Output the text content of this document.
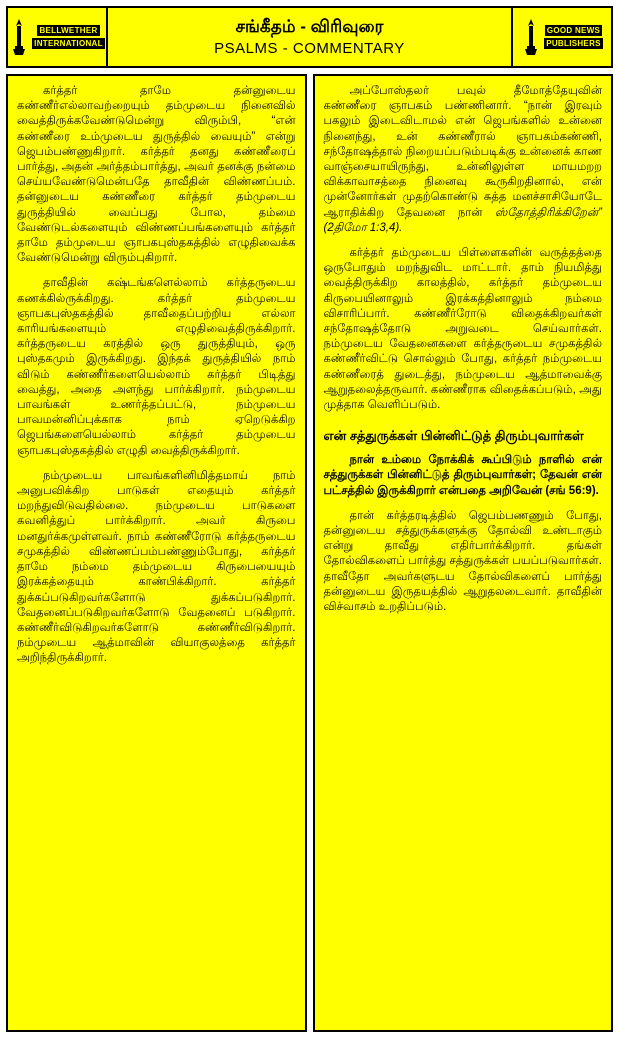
BELLWETHER
INTERNATIONAL
சங்கீதம் - விரிவுரை
PSALMS - COMMENTARY
GOOD NEWS
PUBLISHERS

கர்த்தர் தாமே தன்னுடைய கண்ணீர்எல்லாவற்றையும் தம்முடைய நினைவில் வைத்திருக்கவேண்டுமென்று விரும்பி, “என் கண்ணீரை உம்முடைய துருத்தில் வையும்” என்று ஜெபம்பண்ணுகிறார். கர்த்தர் தனது கண்ணீரைப் பார்த்து, அதன் அர்த்தம்பார்த்து, அவர் தனக்கு நன்மை செய்யவேண்டுமென்பதே தாவீதின் விண்ணப்பம். தன்னுடைய கண்ணீரை கர்த்தர் தம்முடைய துருத்தியில் வைப்பது போல, தம்மை வேண்டுடல்களையும் விண்ணப்பங்களையும் கர்த்தர் தாமே தம்முடைய ஞாபகபுஸ்தகத்தில் எழுதிவைக்க வேண்டுமென்று விரும்புகிறார்.

தாவீதின் கஷ்டங்களெல்லாம் கர்த்தருடைய கணக்கில்ருக்கிறது. கர்த்தர் தம்முடைய ஞாபகபுஸ்தகத்தில் தாவீதைப்பற்றிய எல்லா காரியங்களையும் எழுதிவைத்திருக்கிறார். கர்த்தருடைய கரத்தில் ஒரு துருத்தியும், ஒரு புஸ்தகமும் இருக்கிறது. இந்தக் துருத்தியில் நாம் விடும் கண்ணீர்களையெல்லாம் கர்த்தர் பிடித்து வைத்து, அதை அளந்து பார்க்கிறார். நம்முடைய பாவங்கள் உணர்த்தப்பட்டு, நம்முடைய பாவமன்னிப்புக்காக நாம் ஏறெடுக்கிற ஜெபங்களையெல்லாம் கர்த்தர் தம்முடைய ஞாபகபுஸ்தகத்தில் எழுதி வைத்திருக்கிறார்.

நம்முடைய பாவங்களினிமித்தமாய் நாம் அனுபவிக்கிற பாடுகள் எதையும் கர்த்தர் மறந்துவிடுவதில்லை. நம்முடைய பாடுகளை கவனித்துப் பார்க்கிறார். அவர் கிருபை மனதுர்க்கமுள்ளவர். நாம் கண்ணீரோடு கர்த்தருடைய சமுகத்தில் விண்ணப்பம்பண்ணும்போது, கர்த்தர் தாமே நம்மை தம்முடைய கிருபையையும் இரக்கத்தையும் காண்பிக்கிறார். கர்த்தர் துக்கப்படுகிறவர்களோடு துக்கப்படுகிறார். வேதனைப்படுகிறவர்களோடு வேதனைப் படுகிறார். கண்ணீர்விடுகிறவர்களோடு கண்ணீர்விடுகிறார். நம்முடைய ஆத்மாவின் வியாகுலத்தை கர்த்தர் அறிந்திருக்கிறார்.

அப்போஸ்தலர் பவுல் தீமோத்தேயுவின் கண்ணீரை ஞாபகம் பண்ணினார். “நான் இரவும் பகலும் இடைவிடாமல் என் ஜெபங்களில் உன்னை நினைந்து, உன் கண்ணீரால் ஞாபகம்கண்ணி, சந்தோஷத்தால் நிறையப்படும்படிக்கு உன்னைக் காண வாஞ்சையாயிருந்து, உன்னிலுள்ள மாயமறற விக்காவாசத்தை நினைவு கூருகிறதினால், என் முன்னோர்கள் முதற்கொண்டு சுத்த மனச்சாசியோடே ஆராதிக்கிற தேவனை நான் ஸ்தோத்திரிக்கிறேன்” (2திமோ 1:3,4).

கர்த்தர் தம்முடைய பிள்ளைகளின் வருத்தத்தை ஒருபோதும் மறந்துவிட மாட்டார். தாம் நியமித்து வைத்திருக்கிற காலத்தில், கர்த்தர் தம்முடைய கிருபையினாலும் இரக்கத்தினாலும் நம்மை விசாரிப்பார். கண்ணீர்ரோடு விதைக்கிறவர்கள் சந்தோஷத்தோடு அறுவடை செய்வார்கள். நம்முடைய வேதனைகளை கர்த்தருடைய சமுகத்தில் கண்ணீர்விட்டு சொல்லும் போது, கர்த்தர் நம்முடைய கண்ணீரைத் துடைத்து, நம்முடைய ஆத்மாவைக்கு ஆறுதலைத்தருவார். கண்ணீராக விதைக்கப்படும், அது முத்தாக வெளிப்படும்.

என் சத்துருக்கள் பின்னிட்டுத் திரும்புவார்கள்

நான் உம்மை நோக்கிக் கூப்பிடும் நாளில் என் சத்துருக்கள் பின்னிட்டுத் திரும்புவார்கள்; தேவன் என் பட்சத்தில் இருக்கிறார் என்பதை அறிவேன் (சங் 56:9).

தான் கர்த்தரடித்தில் ஜெபம்பணணும் போது, தன்னுடைய சத்துருக்களுக்கு தோல்வி உண்டாகும் என்று தாவீது எதிர்பார்க்கிறார். தங்கள் தோல்விகளைப் பார்த்து சத்துருக்கள் பயப்படுவார்கள். தாவீதோ அவர்களுடய தோல்விகளைப் பார்த்து தன்னுடைய இருதயத்தில் ஆறுதலடைவார். தாவீதின் விச்வாசம் உறதிப்படும்.
